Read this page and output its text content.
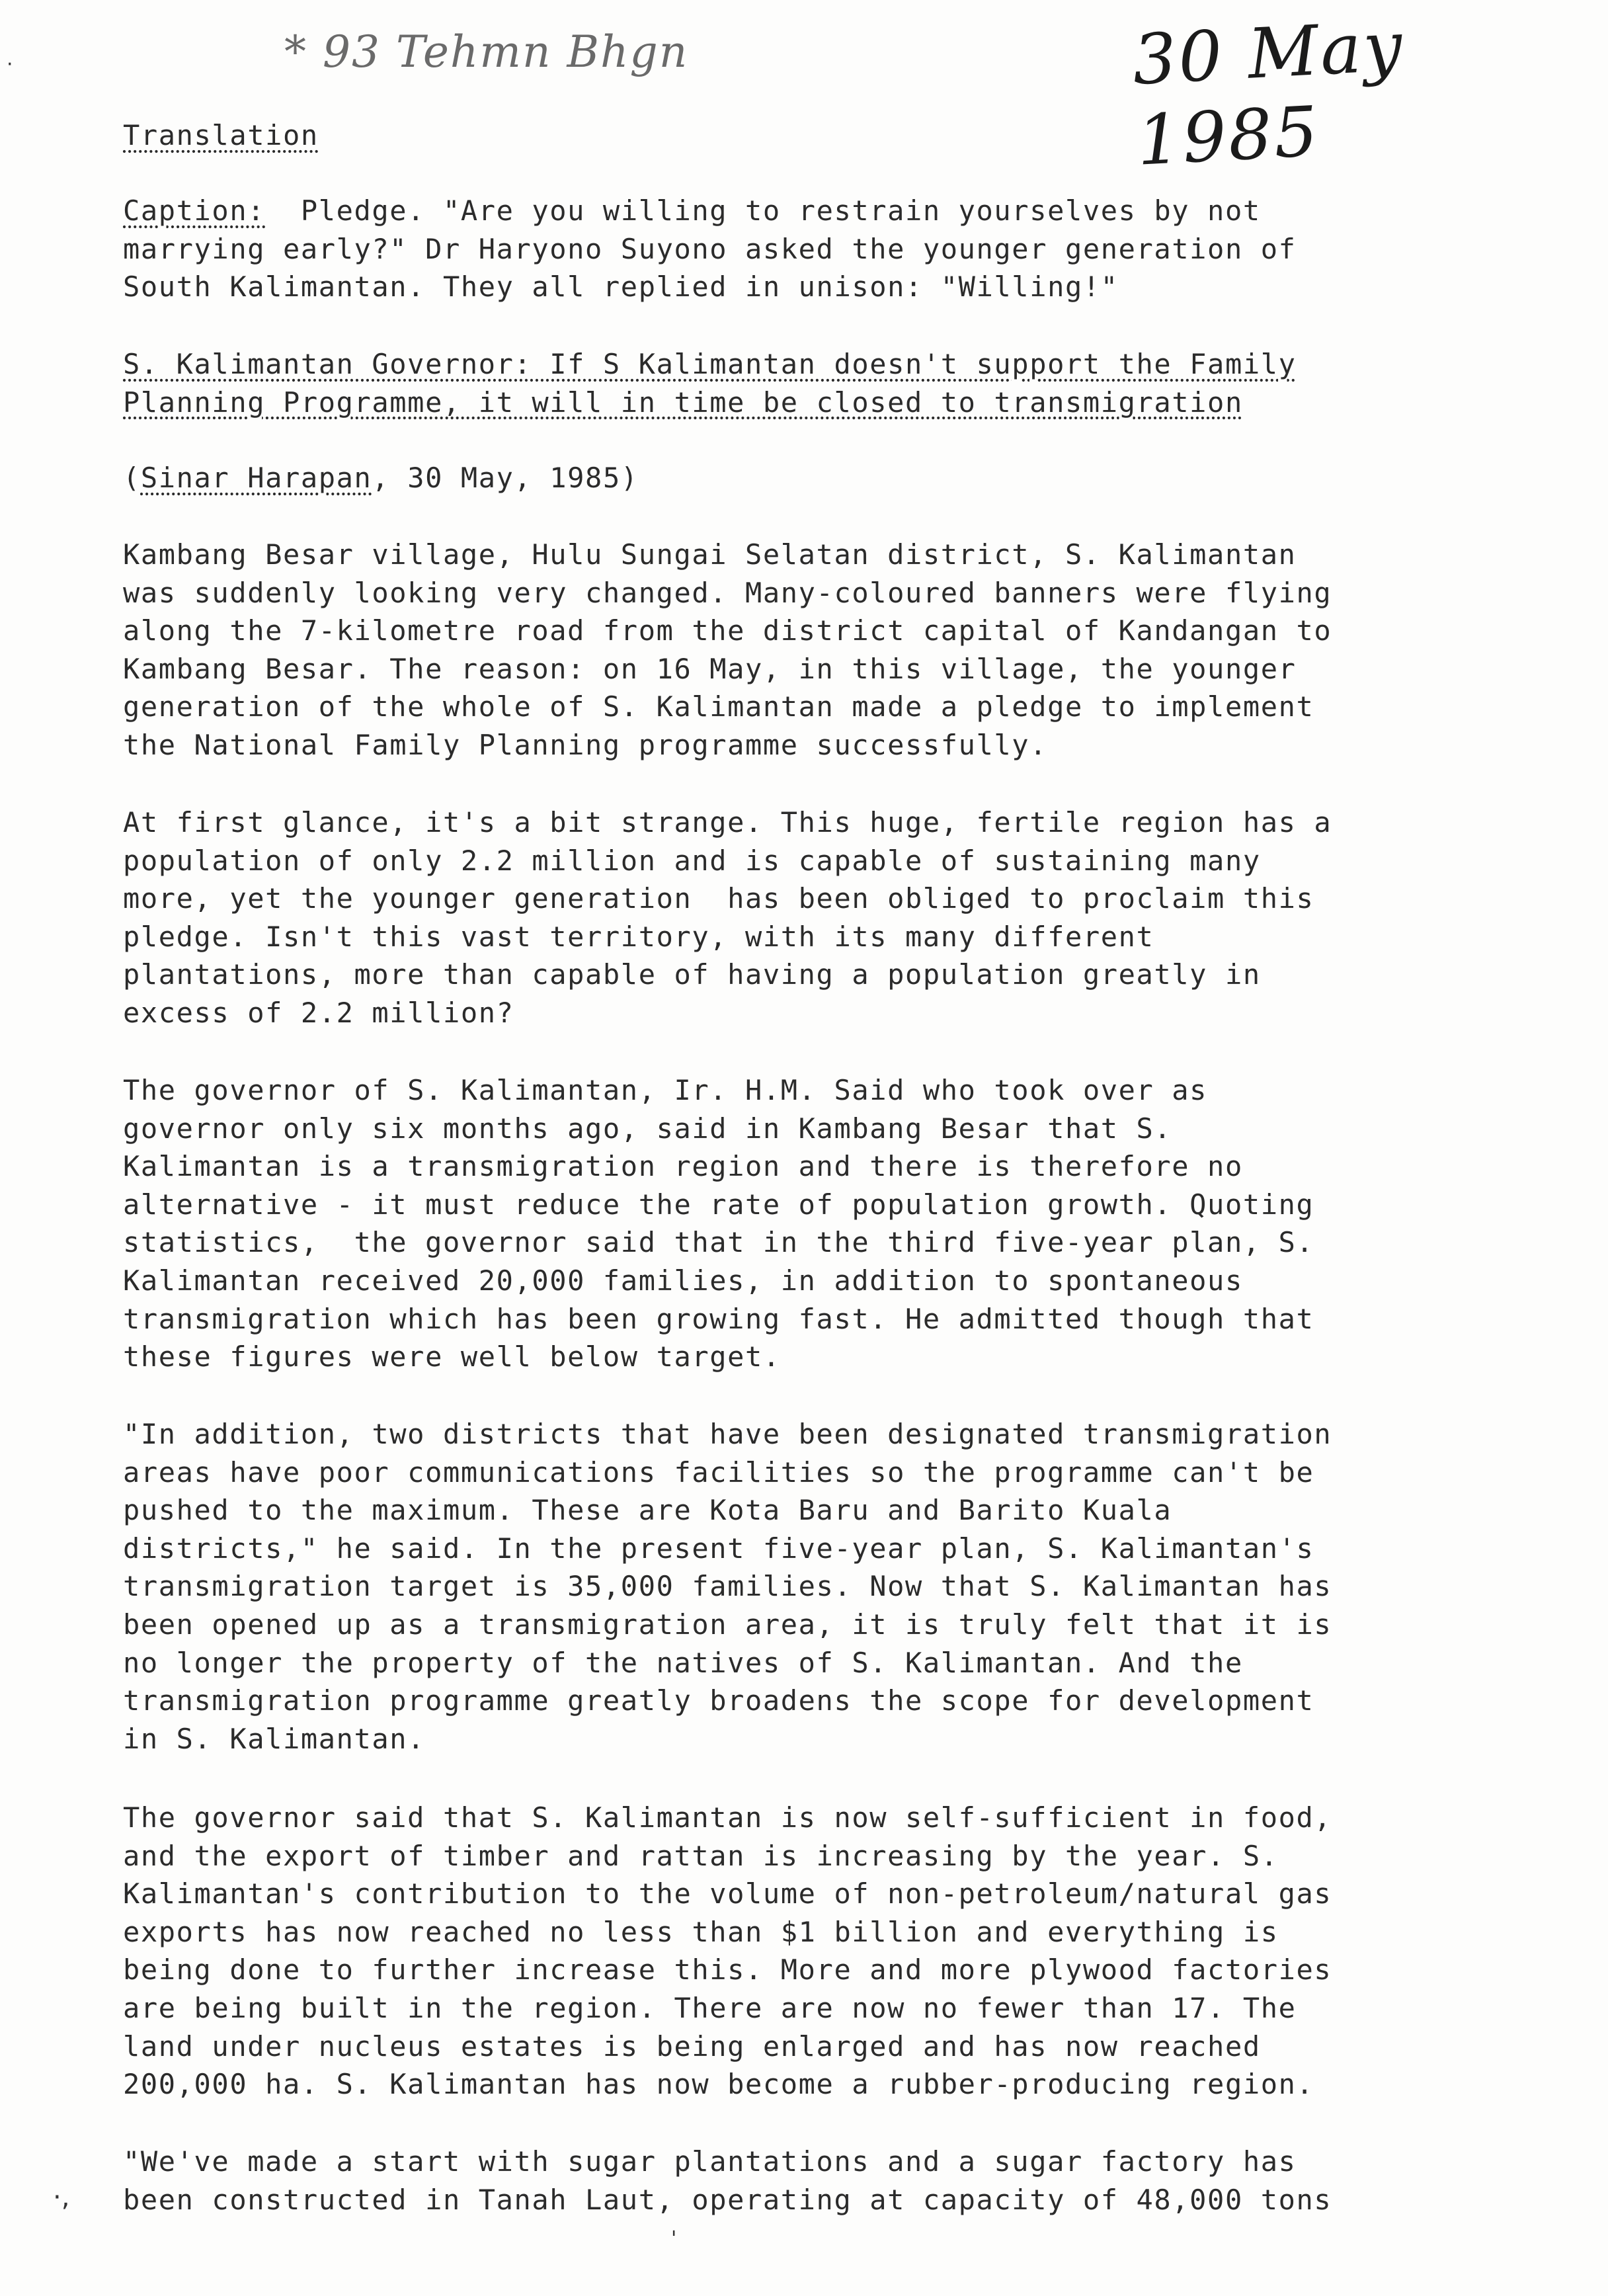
·	* 93 Tehmn Bhgn	30 May 1985
Translation
Caption:  Pledge. "Are you willing to restrain yourselves by not
marrying early?" Dr Haryono Suyono asked the younger generation of
South Kalimantan. They all replied in unison: "Willing!"
S. Kalimantan Governor: If S Kalimantan doesn't support the Family
Planning Programme, it will in time be closed to transmigration
(Sinar Harapan, 30 May, 1985)
Kambang Besar village, Hulu Sungai Selatan district, S. Kalimantan
was suddenly looking very changed. Many-coloured banners were flying
along the 7-kilometre road from the district capital of Kandangan to
Kambang Besar. The reason: on 16 May, in this village, the younger
generation of the whole of S. Kalimantan made a pledge to implement
the National Family Planning programme successfully.
At first glance, it's a bit strange. This huge, fertile region has a
population of only 2.2 million and is capable of sustaining many
more, yet the younger generation  has been obliged to proclaim this
pledge. Isn't this vast territory, with its many different
plantations, more than capable of having a population greatly in
excess of 2.2 million?
The governor of S. Kalimantan, Ir. H.M. Said who took over as
governor only six months ago, said in Kambang Besar that S.
Kalimantan is a transmigration region and there is therefore no
alternative - it must reduce the rate of population growth. Quoting
statistics,  the governor said that in the third five-year plan, S.
Kalimantan received 20,000 families, in addition to spontaneous
transmigration which has been growing fast. He admitted though that
these figures were well below target.
"In addition, two districts that have been designated transmigration
areas have poor communications facilities so the programme can't be
pushed to the maximum. These are Kota Baru and Barito Kuala
districts," he said. In the present five-year plan, S. Kalimantan's
transmigration target is 35,000 families. Now that S. Kalimantan has
been opened up as a transmigration area, it is truly felt that it is
no longer the property of the natives of S. Kalimantan. And the
transmigration programme greatly broadens the scope for development
in S. Kalimantan.
The governor said that S. Kalimantan is now self-sufficient in food,
and the export of timber and rattan is increasing by the year. S.
Kalimantan's contribution to the volume of non-petroleum/natural gas
exports has now reached no less than $1 billion and everything is
being done to further increase this. More and more plywood factories
are being built in the region. There are now no fewer than 17. The
land under nucleus estates is being enlarged and has now reached
200,000 ha. S. Kalimantan has now become a rubber-producing region.
"We've made a start with sugar plantations and a sugar factory has
been constructed in Tanah Laut, operating at capacity of 48,000 tons
·,
'
